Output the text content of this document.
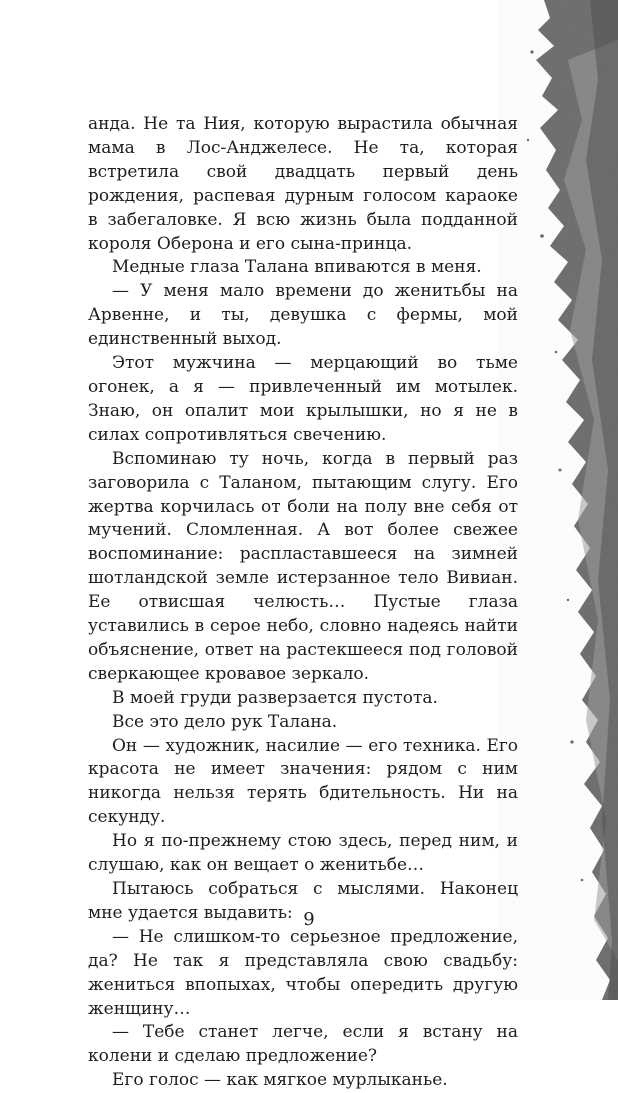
анда. Не та Ния, которую вырастила обычная мама в Лос-Анджелесе. Не та, которая встретила свой двадцать первый день рождения, распевая дурным голосом караоке в забегаловке. Я всю жизнь была подданной короля Оберона и его сына-принца.

Медные глаза Талана впиваются в меня.

— У меня мало времени до женитьбы на Арвенне, и ты, девушка с фермы, мой единственный выход.

Этот мужчина — мерцающий во тьме огонек, а я — привлеченный им мотылек. Знаю, он опалит мои крылышки, но я не в силах сопротивляться свечению.

Вспоминаю ту ночь, когда в первый раз заговорила с Таланом, пытающим слугу. Его жертва корчилась от боли на полу вне себя от мучений. Сломленная. А вот более свежее воспоминание: распластавшееся на зимней шотландской земле истерзанное тело Вивиан. Ее отвисшая челюсть… Пустые глаза уставились в серое небо, словно надеясь найти объяснение, ответ на растекшееся под головой сверкающее кровавое зеркало.

В моей груди разверзается пустота.

Все это дело рук Талана.

Он — художник, насилие — его техника. Его красота не имеет значения: рядом с ним никогда нельзя терять бдительность. Ни на секунду.

Но я по-прежнему стою здесь, перед ним, и слушаю, как он вещает о женитьбе…

Пытаюсь собраться с мыслями. Наконец мне удается выдавить:

— Не слишком-то серьезное предложение, да? Не так я представляла свою свадьбу: жениться впопыхах, чтобы опередить другую женщину…

— Тебе станет легче, если я встану на колени и сделаю предложение?

Его голос — как мягкое мурлыканье.

9
